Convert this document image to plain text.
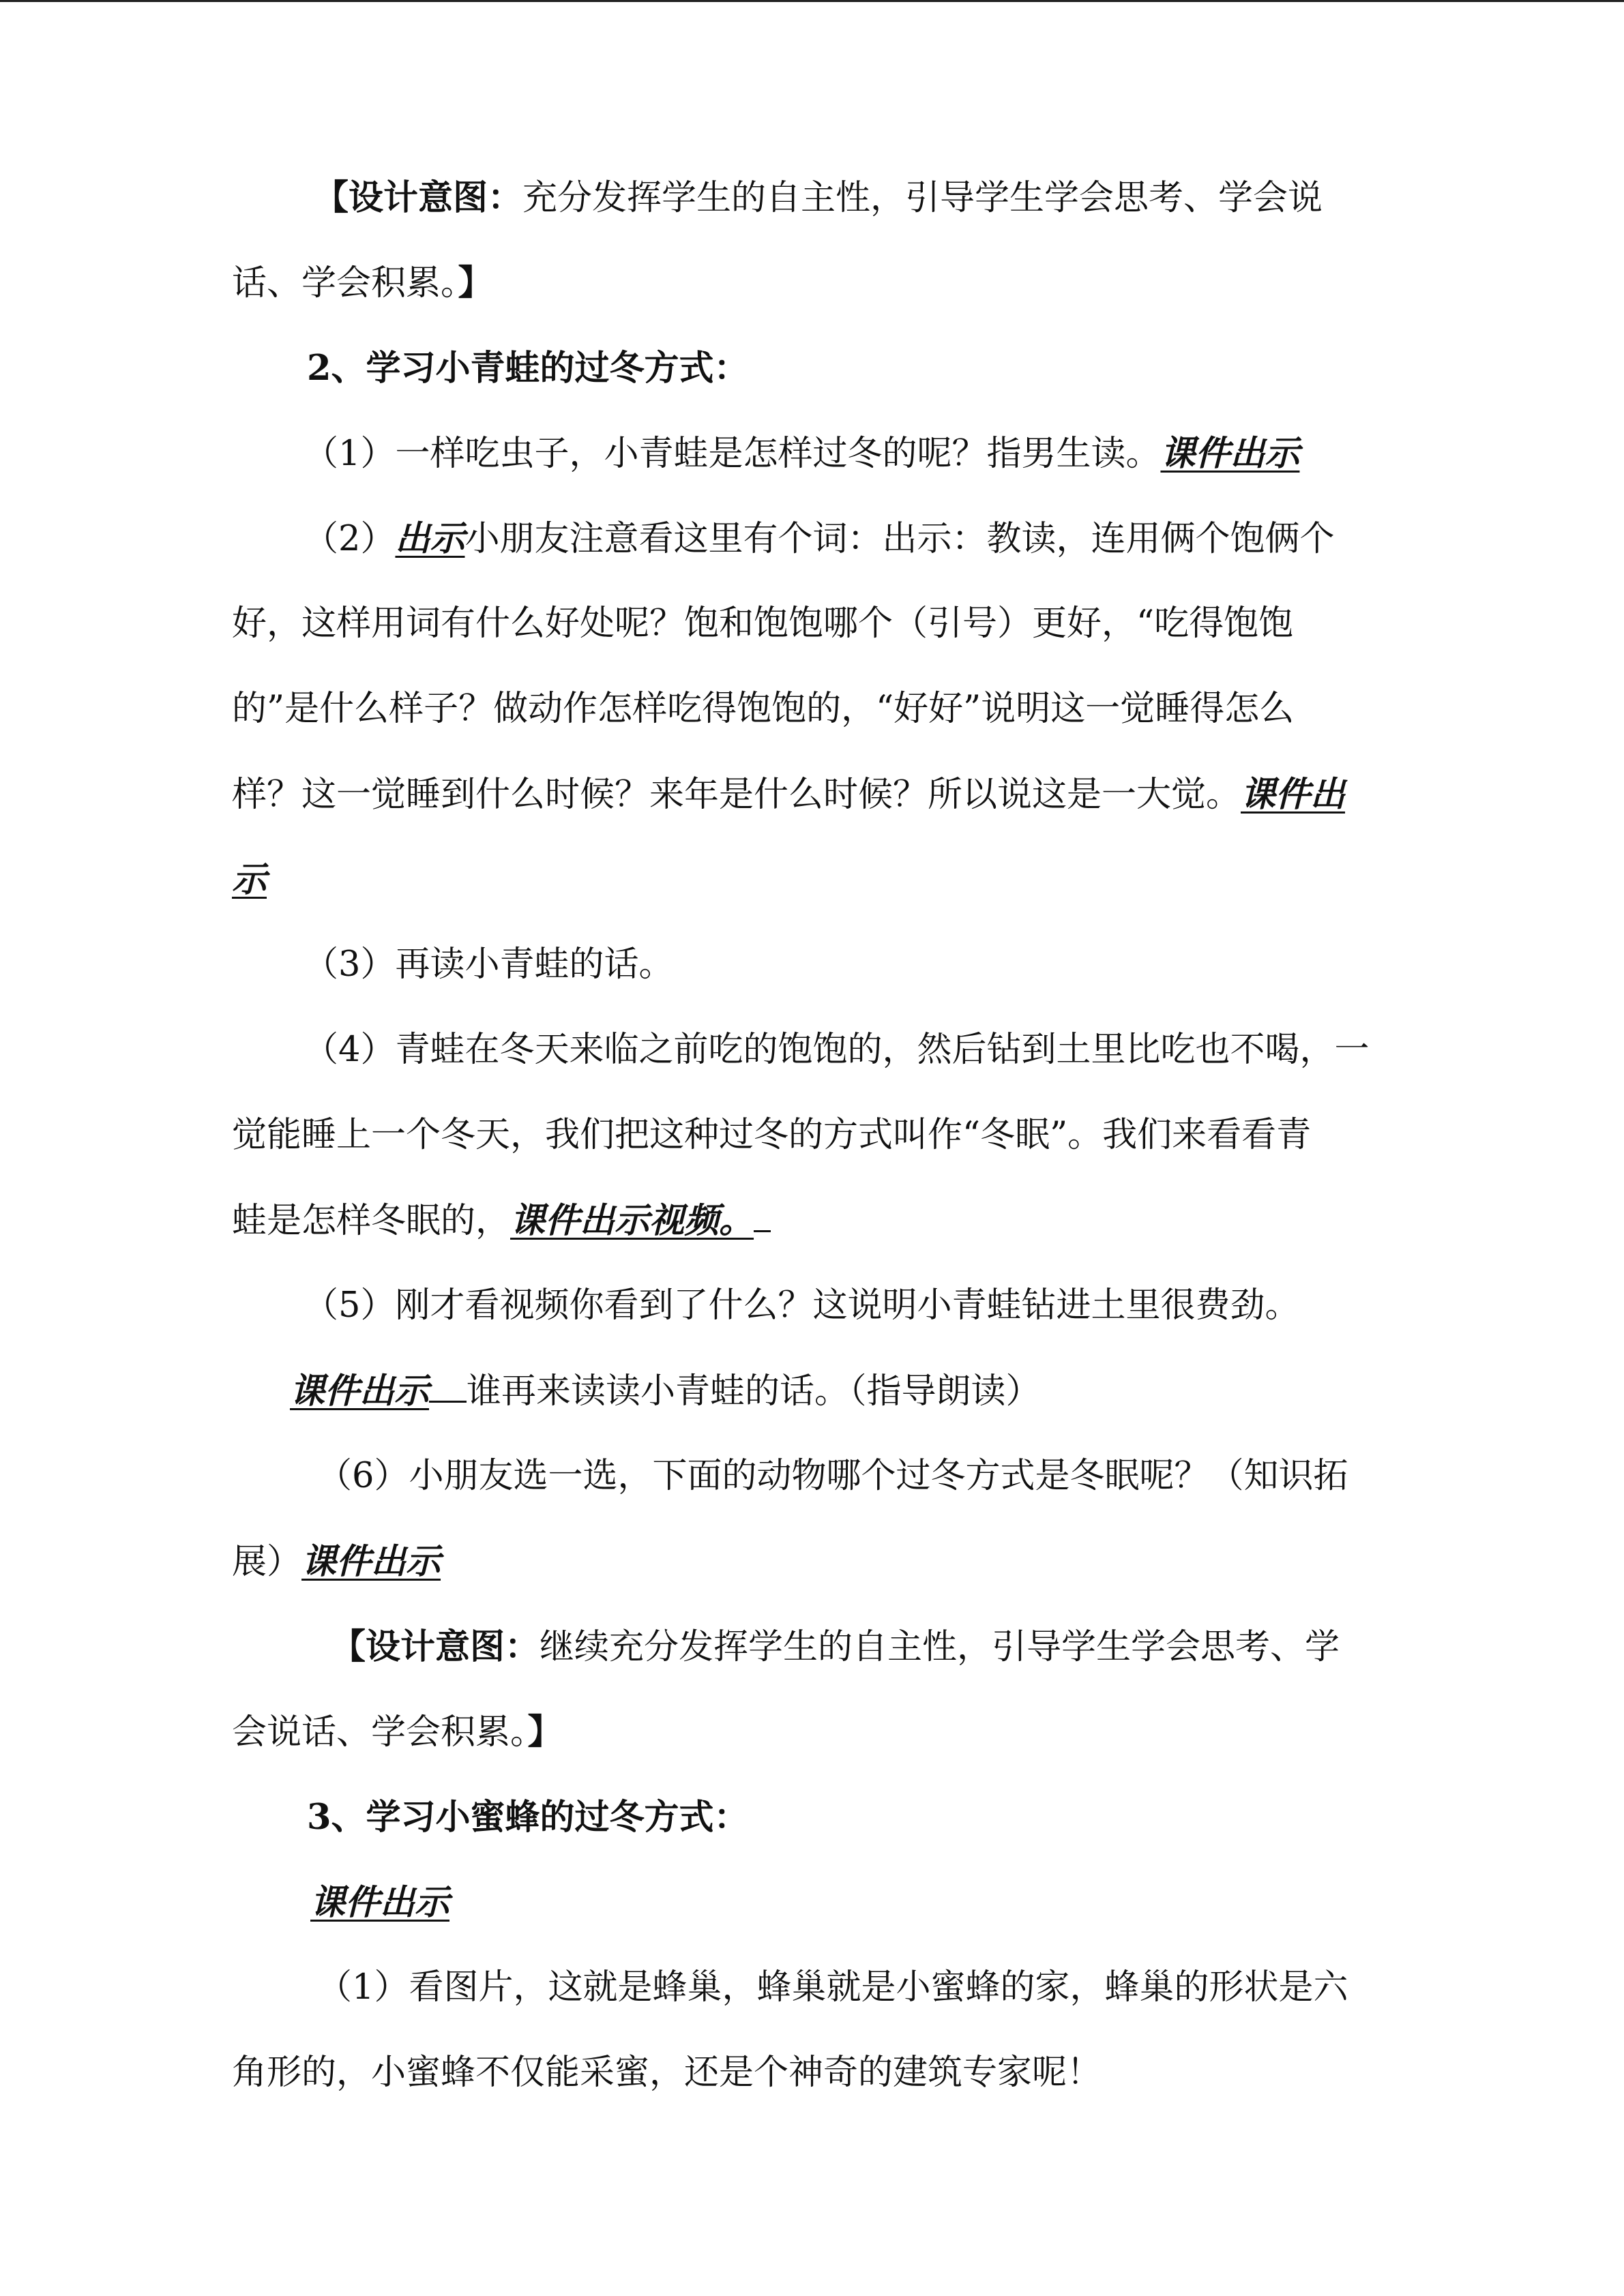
【设计意图：充分发挥学生的自主性，引导学生学会思考、学会说
话、学会积累。】
2、学习小青蛙的过冬方式：
（1）一样吃虫子，小青蛙是怎样过冬的呢？指男生读。课件出示
（2）出示小朋友注意看这里有个词：出示：教读，连用俩个饱俩个
好，这样用词有什么好处呢？饱和饱饱哪个（引号）更好，“吃得饱饱
的”是什么样子？做动作怎样吃得饱饱的，“好好”说明这一觉睡得怎么
样？这一觉睡到什么时候？来年是什么时候？所以说这是一大觉。课件出
示
（3）再读小青蛙的话。
（4）青蛙在冬天来临之前吃的饱饱的，然后钻到土里比吃也不喝，一
觉能睡上一个冬天，我们把这种过冬的方式叫作“冬眠”。我们来看看青
蛙是怎样冬眠的，课件出示视频。
（5）刚才看视频你看到了什么？这说明小青蛙钻进土里很费劲。
课件出示 谁再来读读小青蛙的话。（指导朗读）
（6）小朋友选一选，下面的动物哪个过冬方式是冬眠呢？（知识拓
展）课件出示
【设计意图：继续充分发挥学生的自主性，引导学生学会思考、学
会说话、学会积累。】
3、学习小蜜蜂的过冬方式：
课件出示
（1）看图片，这就是蜂巢，蜂巢就是小蜜蜂的家，蜂巢的形状是六
角形的，小蜜蜂不仅能采蜜，还是个神奇的建筑专家呢！
